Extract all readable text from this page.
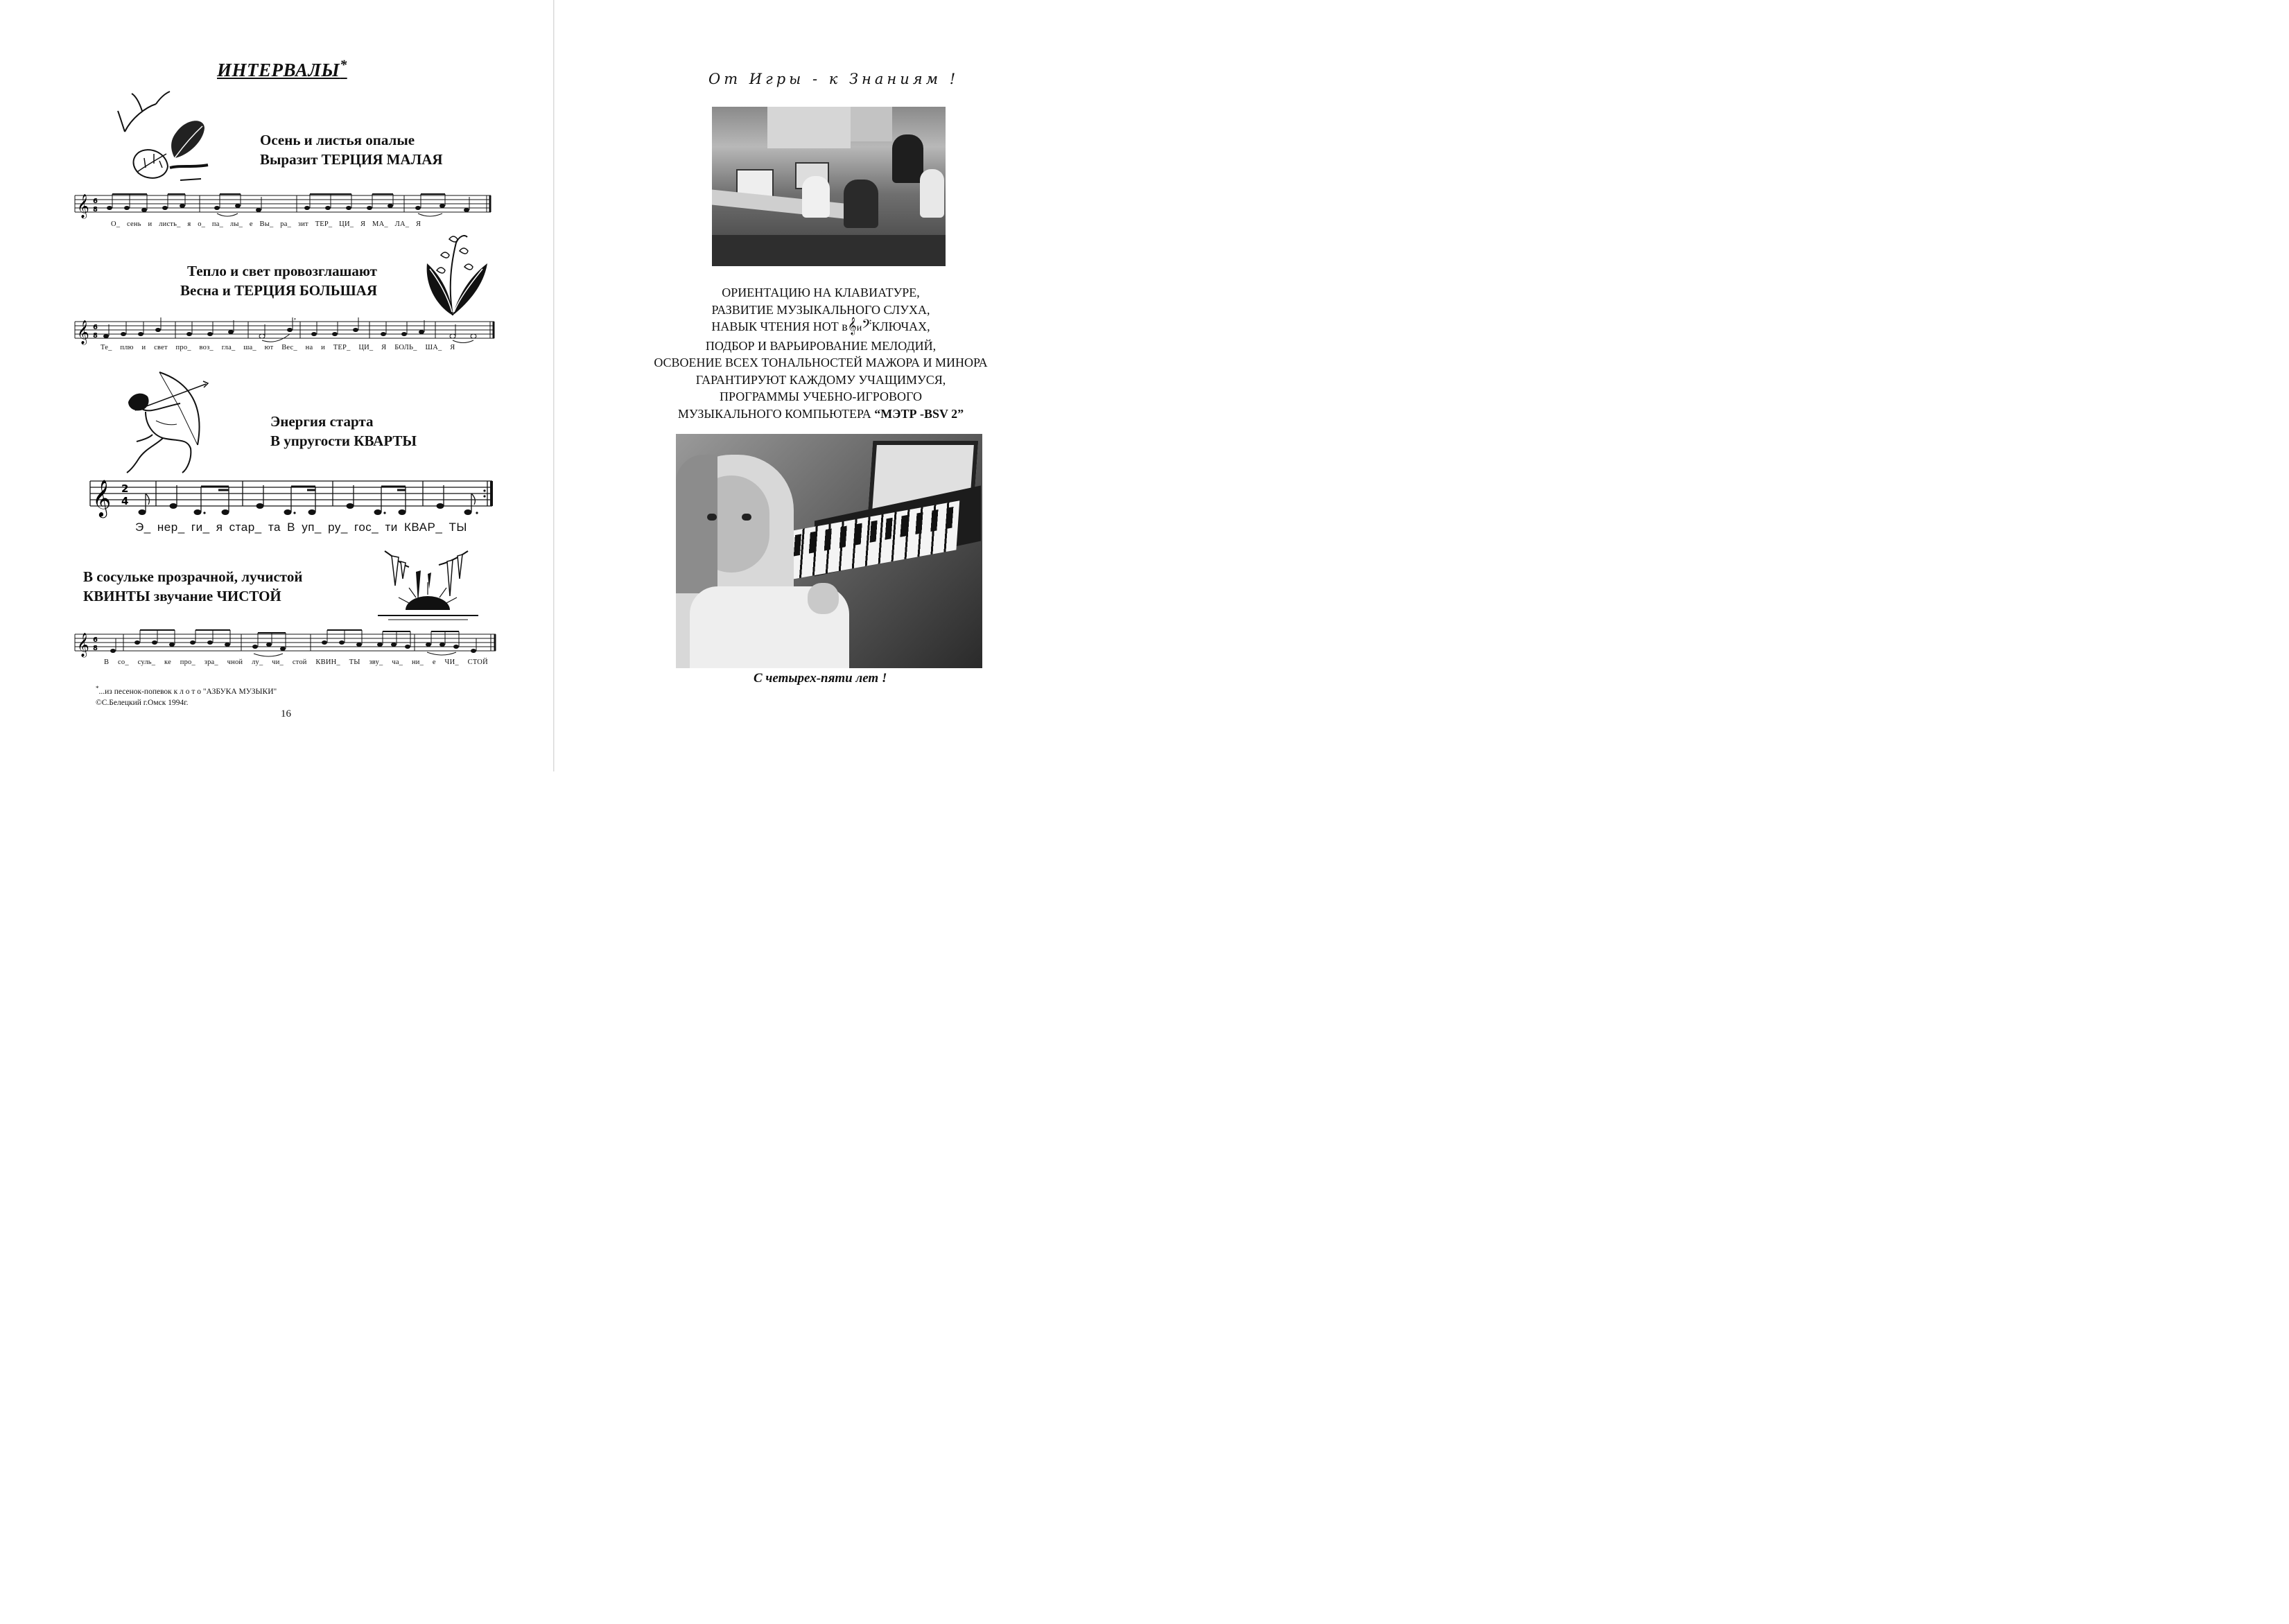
ИНТЕРВАЛЫ*
Осень и листья опалые
Выразит ТЕРЦИЯ МАЛАЯ
𝄞 6
8
О_ сень и листь_ я о_ па_ лы_ е Вы_ ра_ зит ТЕР_ ЦИ_ Я МА_ ЛА_ Я
Тепло и свет провозглашают
Весна и ТЕРЦИЯ БОЛЬШАЯ
𝄞 6
8
,
Те_ плю и свет про_ воз_ гла_ ша_ ют Вес_ на и ТЕР_ ЦИ_ Я БОЛЬ_ ША_ Я
Энергия старта
В упругости КВАРТЫ
𝄞 2
4
Э_ нер_ ги_ я стар_ та В уп_ ру_ гос_ ти КВАР_ ТЫ
В сосульке прозрачной, лучистой
КВИНТЫ звучание ЧИСТОЙ
𝄞 6
8
В со_ суль_ ке про_ зра_ чной лу_ чи_ стой КВИН_ ТЫ зву_ ча_ ни_ е ЧИ_ СТОЙ
*...из песенок-попевок к л о т о "АЗБУКА МУЗЫКИ"
©С.Белецкий г.Омск 1994г.
16
От Игры - к Знаниям !
ОРИЕНТАЦИЮ НА КЛАВИАТУРЕ,
РАЗВИТИЕ МУЗЫКАЛЬНОГО СЛУХА,
НАВЫК ЧТЕНИЯ НОТ в𝄞и𝄢КЛЮЧАХ,
ПОДБОР И ВАРЬИРОВАНИЕ МЕЛОДИЙ,
ОСВОЕНИЕ ВСЕХ ТОНАЛЬНОСТЕЙ МАЖОРА И МИНОРА
ГАРАНТИРУЮТ КАЖДОМУ УЧАЩИМУСЯ,
ПРОГРАММЫ УЧЕБНО-ИГРОВОГО
МУЗЫКАЛЬНОГО КОМПЬЮТЕРА “МЭТР -BSV 2”
С четырех-пяти лет !
